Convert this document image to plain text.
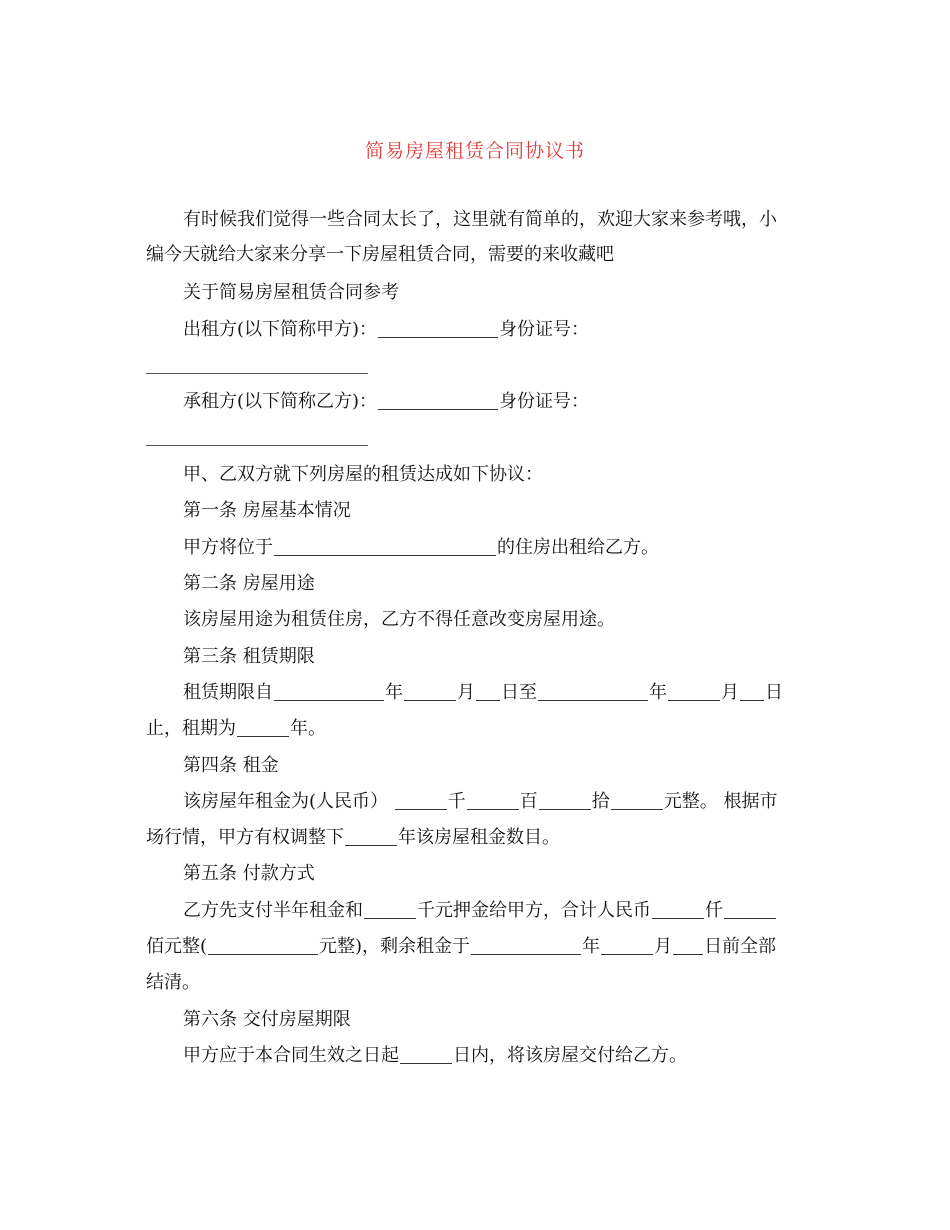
简易房屋租赁合同协议书
有时候我们觉得一些合同太长了，这里就有简单的，欢迎大家来参考哦，小
编今天就给大家来分享一下房屋租赁合同，需要的来收藏吧
关于简易房屋租赁合同参考
出租方(以下简称甲方)：	身份证号：
承租方(以下简称乙方)：	身份证号：
甲、乙双方就下列房屋的租赁达成如下协议：
第一条 房屋基本情况
甲方将位于	的住房出租给乙方。
第二条 房屋用途
该房屋用途为租赁住房，乙方不得任意改变房屋用途。
第三条 租赁期限
租赁期限自	年	月 日至	年	月 日
止，租期为	年。
第四条 租金
该房屋年租金为(人民币）	千	百	拾	元整。 根据市
场行情，甲方有权调整下	年该房屋租金数目。
第五条 付款方式
乙方先支付半年租金和	千元押金给甲方，合计人民币	仟
佰元整(	元整)，剩余租金于	年	月 日前全部
结清。
第六条 交付房屋期限
甲方应于本合同生效之日起	日内，将该房屋交付给乙方。
